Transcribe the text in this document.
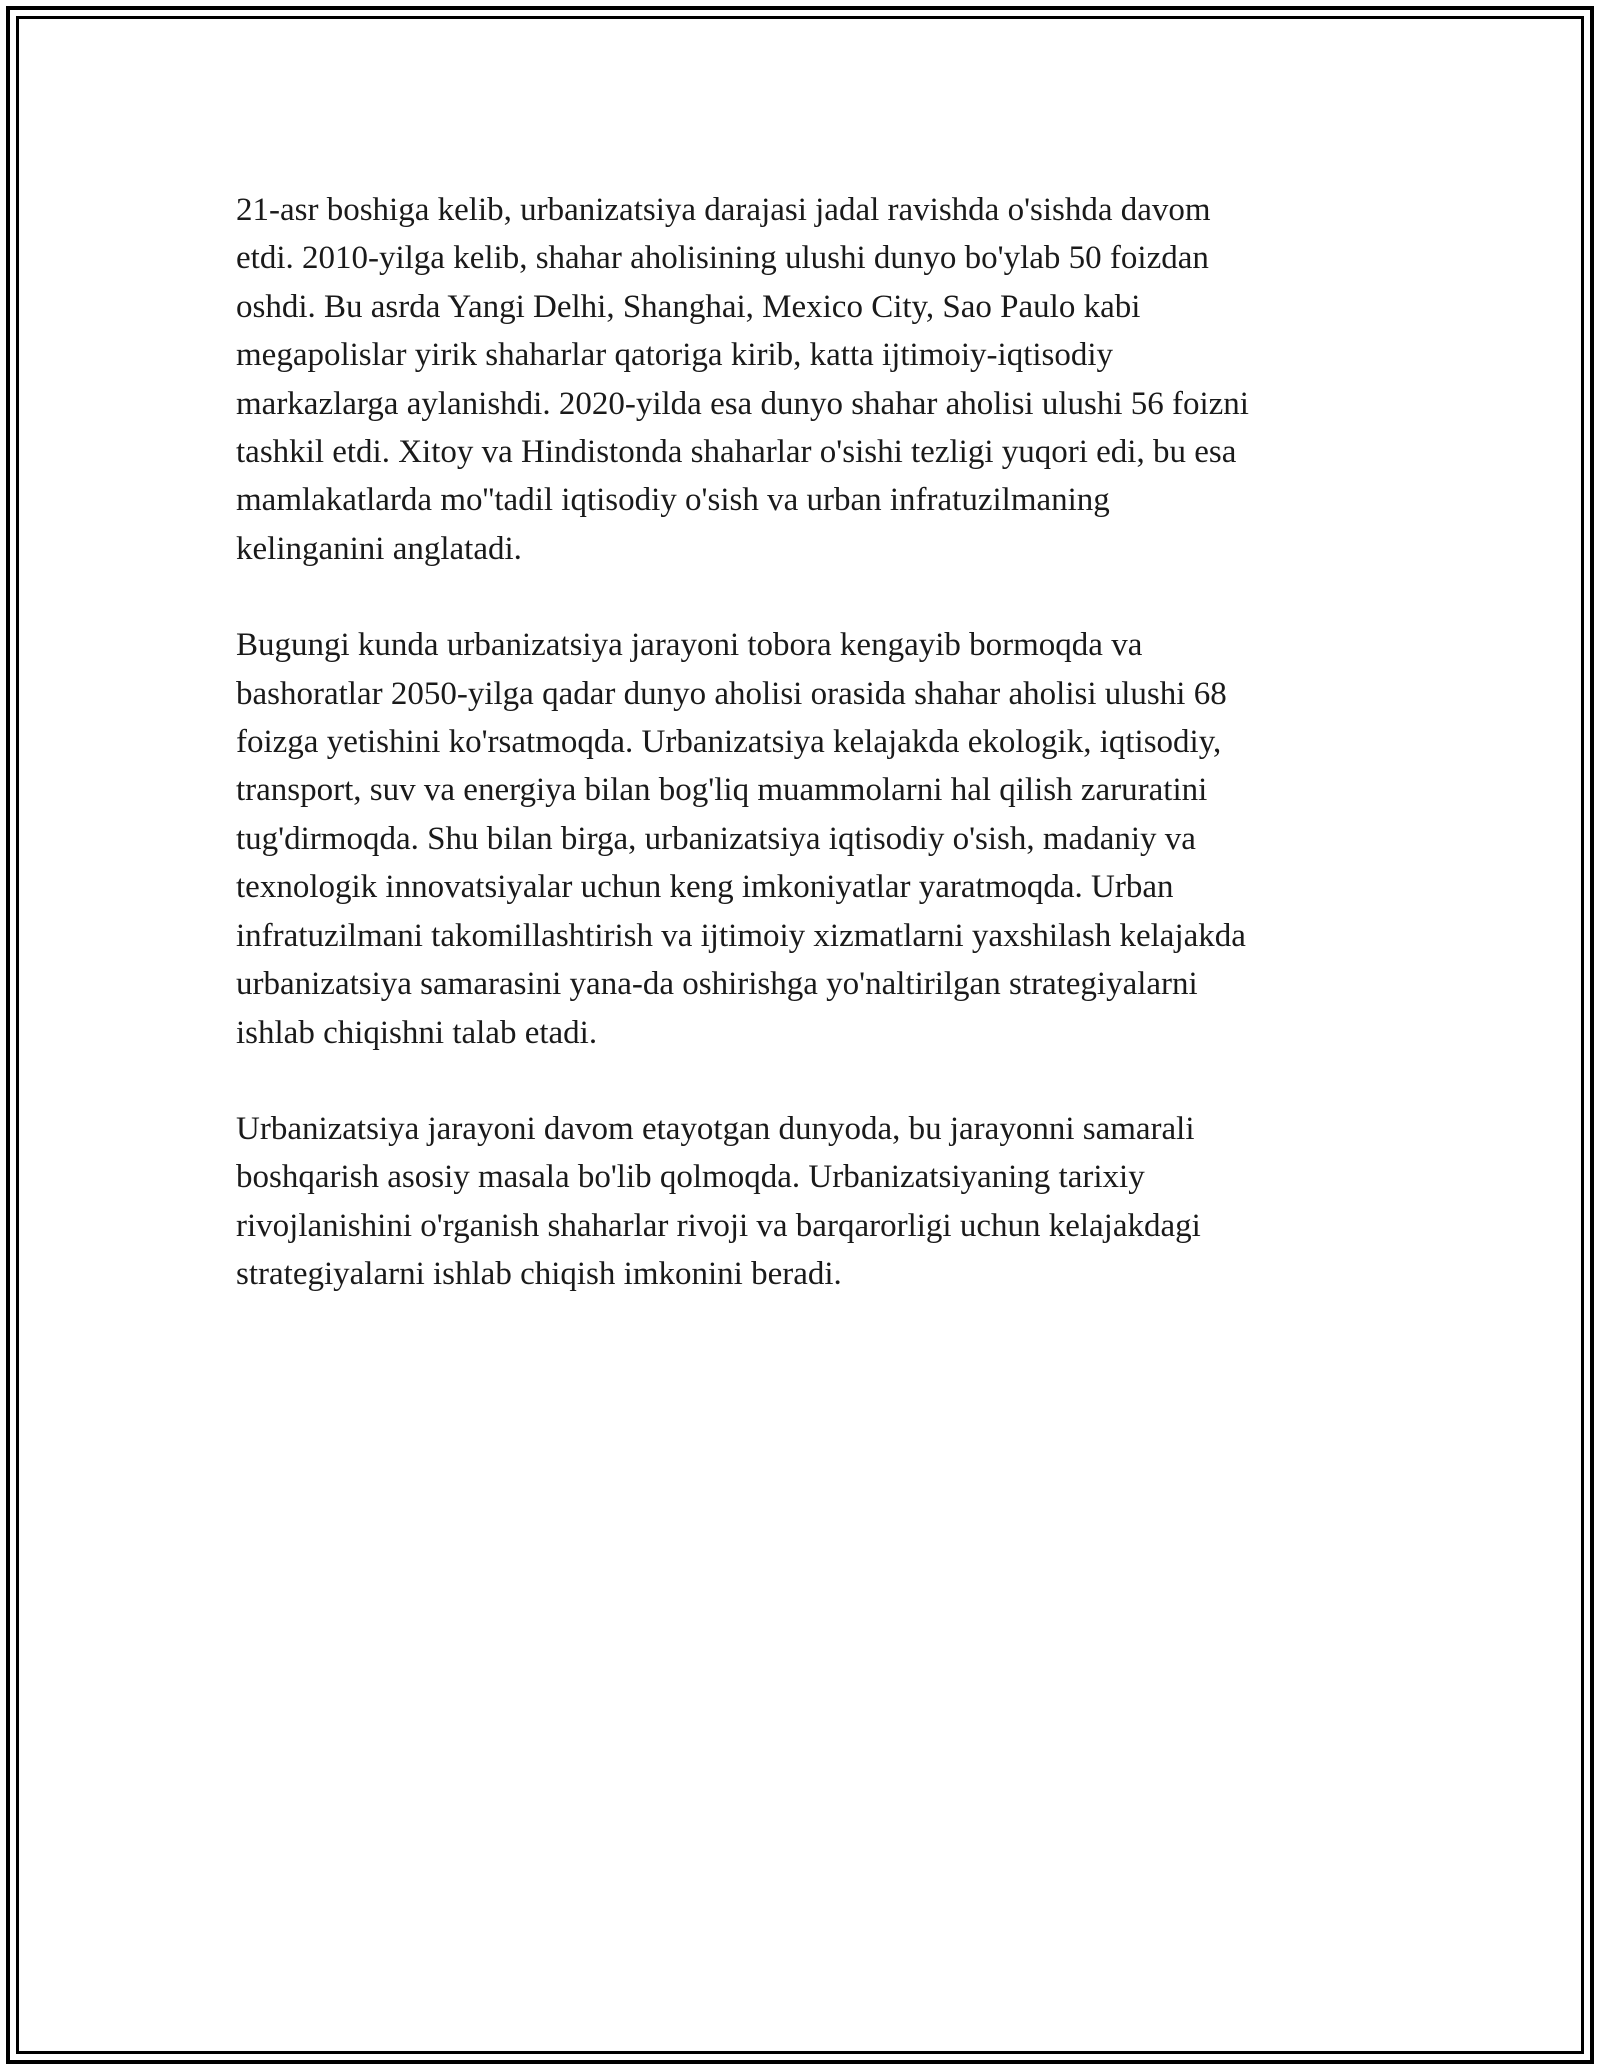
21-asr boshiga kelib, urbanizatsiya darajasi jadal ravishda o'sishda davom
etdi. 2010-yilga kelib, shahar aholisining ulushi dunyo bo'ylab 50 foizdan
oshdi. Bu asrda Yangi Delhi, Shanghai, Mexico City, Sao Paulo kabi
megapolislar yirik shaharlar qatoriga kirib, katta ijtimoiy-iqtisodiy
markazlarga aylanishdi. 2020-yilda esa dunyo shahar aholisi ulushi 56 foizni
tashkil etdi. Xitoy va Hindistonda shaharlar o'sishi tezligi yuqori edi, bu esa
mamlakatlarda mo''tadil iqtisodiy o'sish va urban infratuzilmaning
kelinganini anglatadi.

Bugungi kunda urbanizatsiya jarayoni tobora kengayib bormoqda va
bashoratlar 2050-yilga qadar dunyo aholisi orasida shahar aholisi ulushi 68
foizga yetishini ko'rsatmoqda. Urbanizatsiya kelajakda ekologik, iqtisodiy,
transport, suv va energiya bilan bog'liq muammolarni hal qilish zaruratini
tug'dirmoqda. Shu bilan birga, urbanizatsiya iqtisodiy o'sish, madaniy va
texnologik innovatsiyalar uchun keng imkoniyatlar yaratmoqda. Urban
infratuzilmani takomillashtirish va ijtimoiy xizmatlarni yaxshilash kelajakda
urbanizatsiya samarasini yana-da oshirishga yo'naltirilgan strategiyalarni
ishlab chiqishni talab etadi.

Urbanizatsiya jarayoni davom etayotgan dunyoda, bu jarayonni samarali
boshqarish asosiy masala bo'lib qolmoqda. Urbanizatsiyaning tarixiy
rivojlanishini o'rganish shaharlar rivoji va barqarorligi uchun kelajakdagi
strategiyalarni ishlab chiqish imkonini beradi.
